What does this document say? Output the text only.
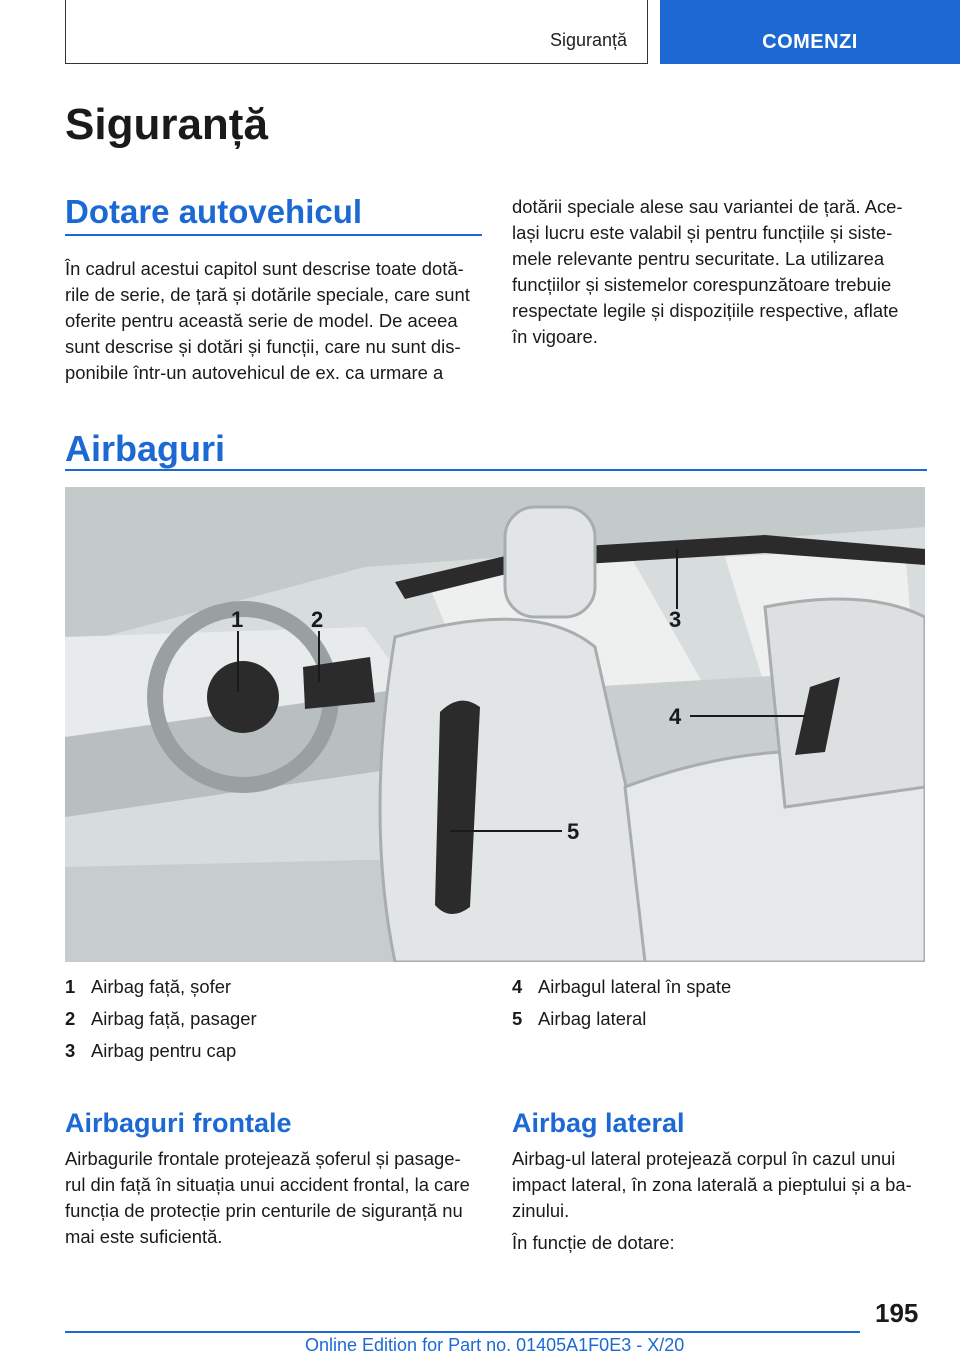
Siguranță	COMENZI
Siguranță
Dotare autovehicul
În cadrul acestui capitol sunt descrise toate dotă-
rile de serie, de țară și dotările speciale, care sunt
oferite pentru această serie de model. De aceea
sunt descrise și dotări și funcții, care nu sunt dis-
ponibile într-un autovehicul de ex. ca urmare a
dotării speciale alese sau variantei de țară. Ace-
lași lucru este valabil și pentru funcțiile și siste-
mele relevante pentru securitate. La utilizarea
funcțiilor și sistemelor corespunzătoare trebuie
respectate legile și dispozițiile respective, aflate
în vigoare.
Airbaguri
1	2	3
4
5
1 Airbag față, șofer
2 Airbag față, pasager
3 Airbag pentru cap
4 Airbagul lateral în spate
5 Airbag lateral
Airbaguri frontale
Airbagurile frontale protejează șoferul și pasage-
rul din față în situația unui accident frontal, la care
funcția de protecție prin centurile de siguranță nu
mai este suficientă.
Airbag lateral
Airbag-ul lateral protejează corpul în cazul unui
impact lateral, în zona laterală a pieptului și a ba-
zinului.
În funcție de dotare:
195
Online Edition for Part no. 01405A1F0E3 - X/20
